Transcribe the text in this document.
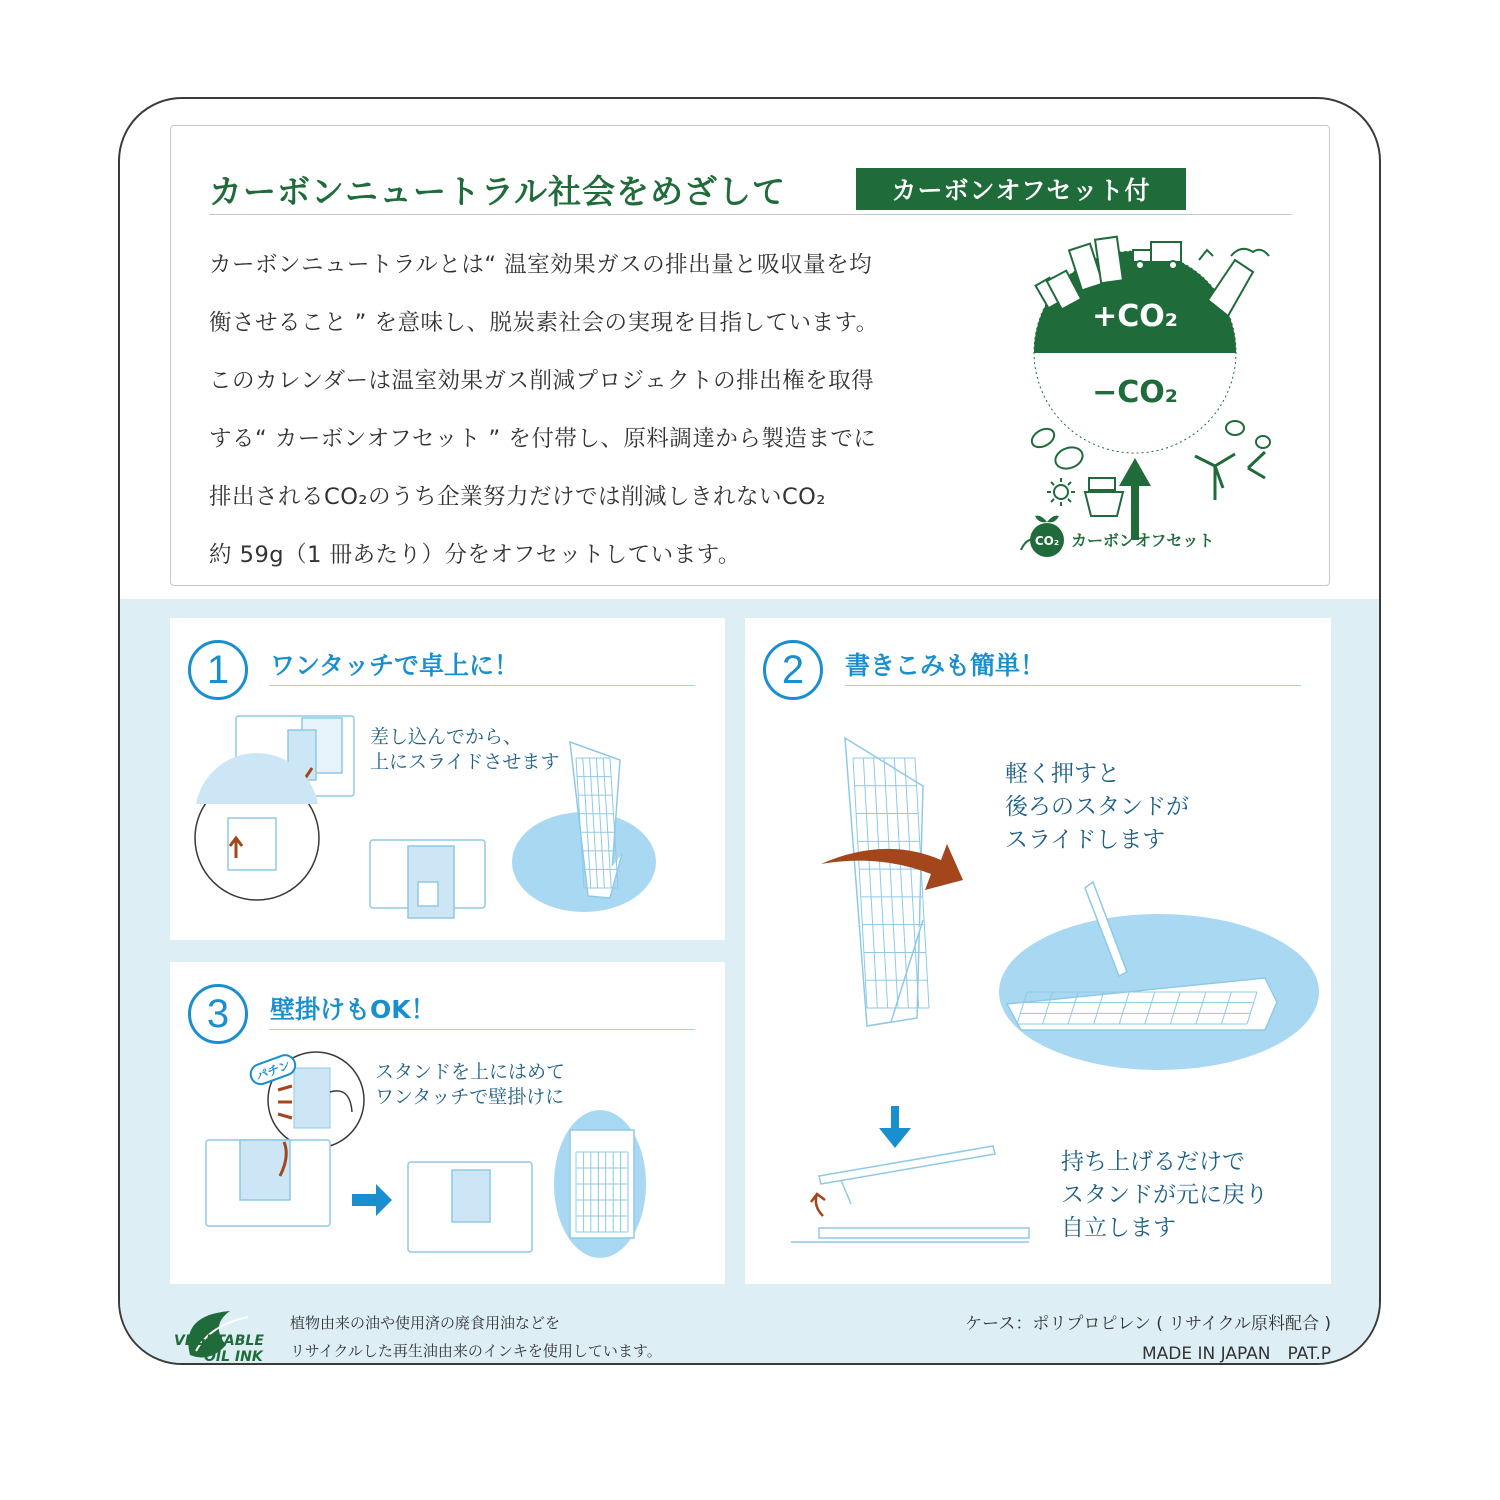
カーボンニュートラル社会をめざして	カーボンオフセット付
カーボンニュートラルとは“ 温室効果ガスの排出量と吸収量を均
衡させること ” を意味し、脱炭素社会の実現を目指しています。
このカレンダーは温室効果ガス削減プロジェクトの排出権を取得
する“ カーボンオフセット ” を付帯し、原料調達から製造までに
排出されるCO₂のうち企業努力だけでは削減しきれないCO₂
約 59g（1 冊あたり）分をオフセットしています。
+CO₂
−CO₂
CO₂ カーボンオフセット
1	ワンタッチで卓上に！
差し込んでから、
上にスライドさせます
3	壁掛けもOK！
スタンドを上にはめて
ワンタッチで壁掛けに
パチン
2	書きこみも簡単！
軽く押すと
後ろのスタンドが
スライドします
持ち上げるだけで
スタンドが元に戻り
自立します
VEGETABLE
OIL INK
植物由来の油や使用済の廃食用油などを
リサイクルした再生油由来のインキを使用しています。
ケース：ポリプロピレン ( リサイクル原料配合 )
MADE IN JAPAN　PAT.P
